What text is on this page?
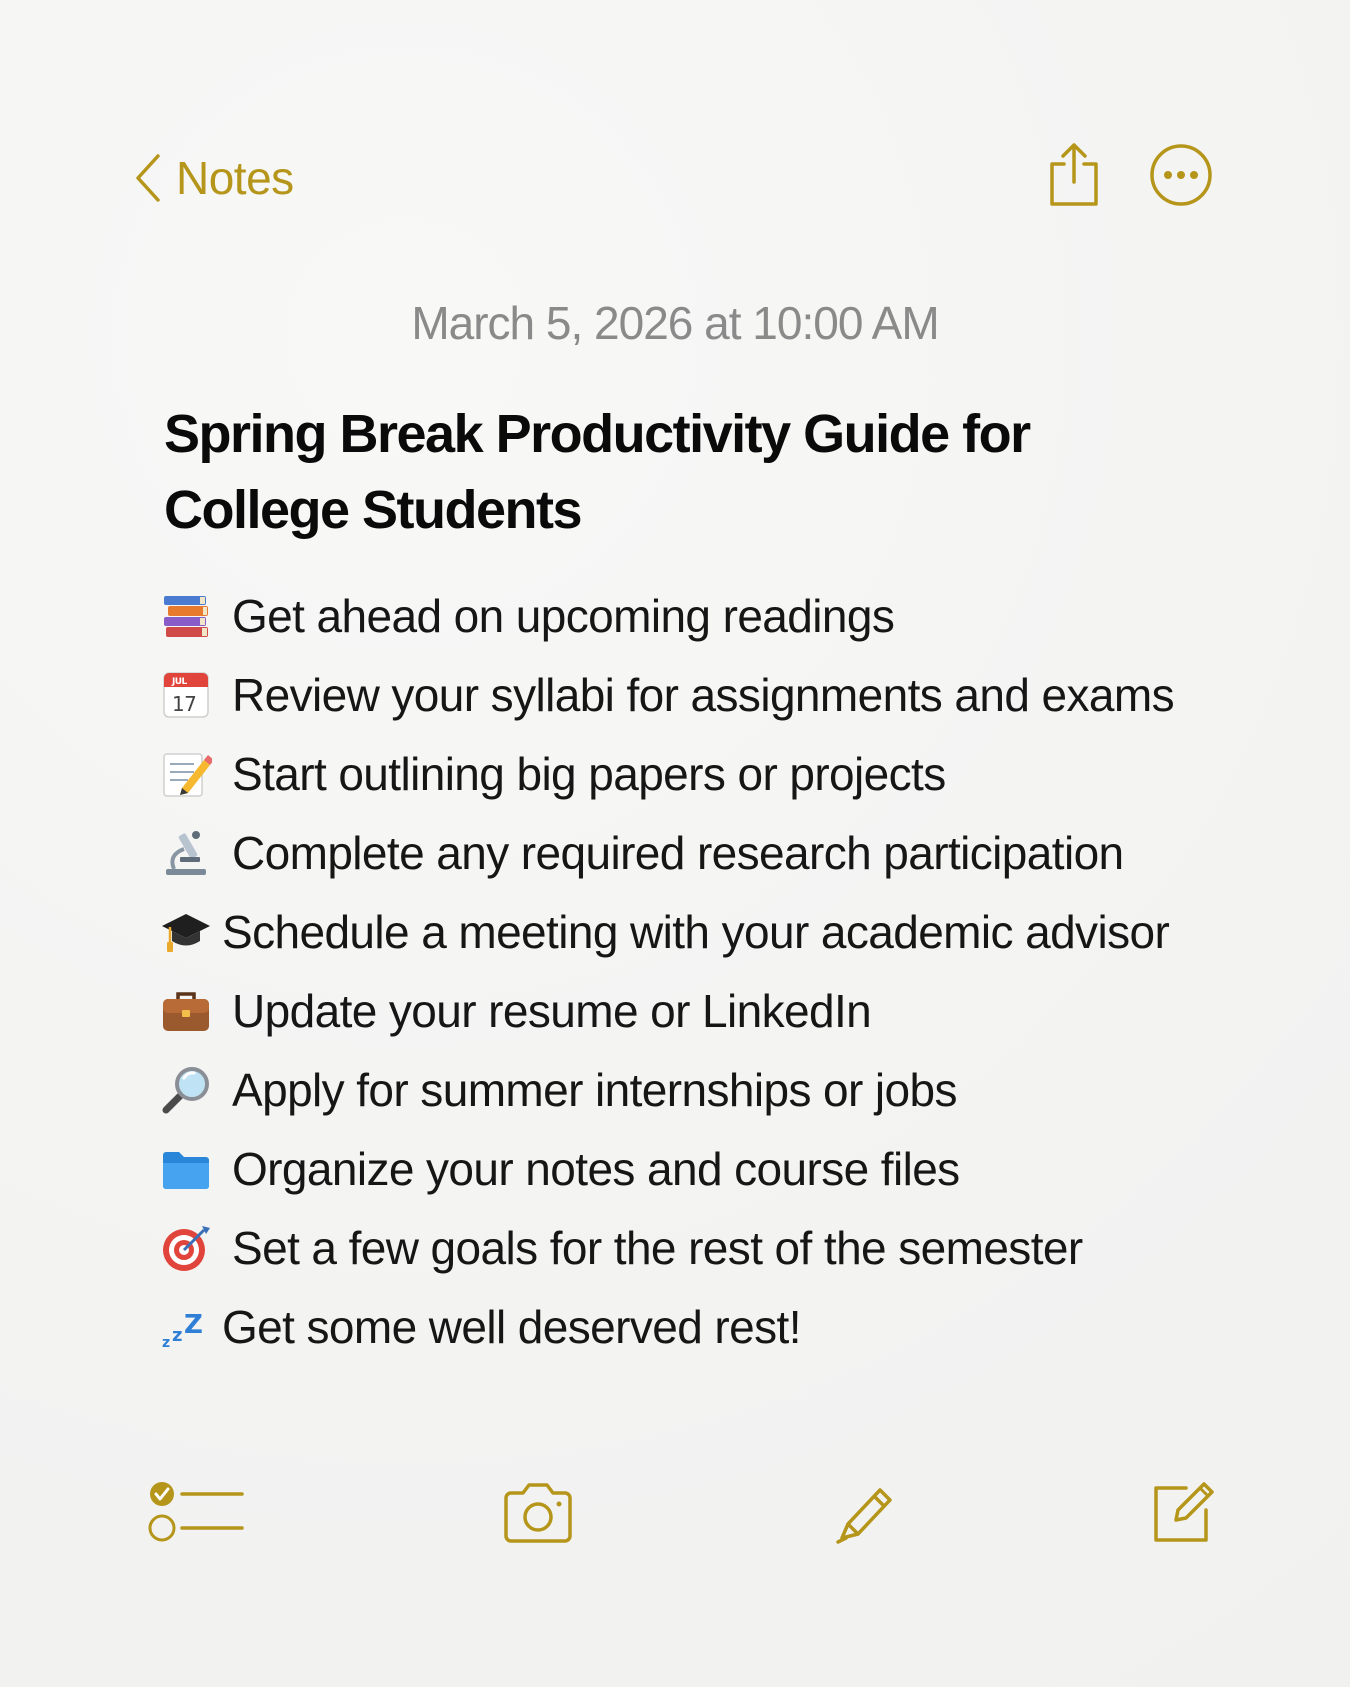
Notes
March 5, 2026 at 10:00 AM
Spring Break Productivity Guide for
College Students
Get ahead on upcoming readings
JUL
17 Review your syllabi for assignments and exams
Start outlining big papers or projects
Complete any required research participation
Schedule a meeting with your academic advisor
Update your resume or LinkedIn
Apply for summer internships or jobs
Organize your notes and course files
Set a few goals for the rest of the semester
z z Z Get some well deserved rest!
